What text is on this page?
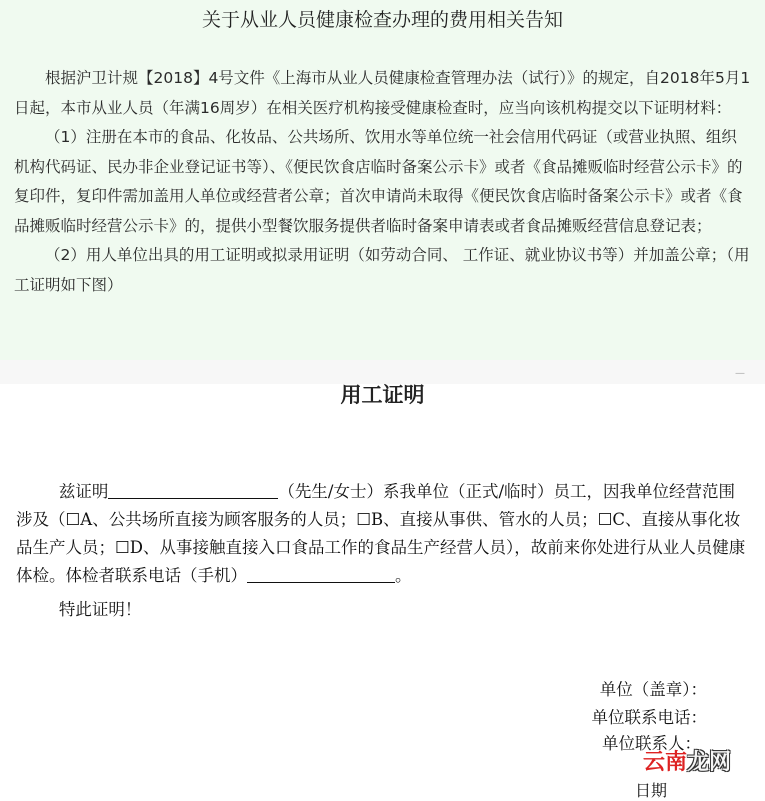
关于从业人员健康检查办理的费用相关告知

根据沪卫计规【2018】4号文件《上海市从业人员健康检查管理办法（试行）》的规定，自2018年5月1日起，本市从业人员（年满16周岁）在相关医疗机构接受健康检查时，应当向该机构提交以下证明材料：

（1）注册在本市的食品、化妆品、公共场所、饮用水等单位统一社会信用代码证（或营业执照、组织机构代码证、民办非企业登记证书等）、《便民饮食店临时备案公示卡》或者《食品摊贩临时经营公示卡》的复印件，复印件需加盖用人单位或经营者公章；首次申请尚未取得《便民饮食店临时备案公示卡》或者《食品摊贩临时经营公示卡》的，提供小型餐饮服务提供者临时备案申请表或者食品摊贩经营信息登记表；

（2）用人单位出具的用工证明或拟录用证明（如劳动合同、 工作证、就业协议书等）并加盖公章；（用工证明如下图）

—
用工证明

兹证明	（先生/女士）系我单位（正式/临时）员工，因我单位经营范围涉及（☐A、公共场所直接为顾客服务的人员；☐B、直接从事供、管水的人员；☐C、直接从事化妆品生产人员；☐D、从事接触直接入口食品工作的食品生产经营人员），故前来你处进行从业人员健康体检。体检者联系电话（手机）	。

特此证明！

单位（盖章）：
单位联系电话：
单位联系人：
日期
云南龙网
